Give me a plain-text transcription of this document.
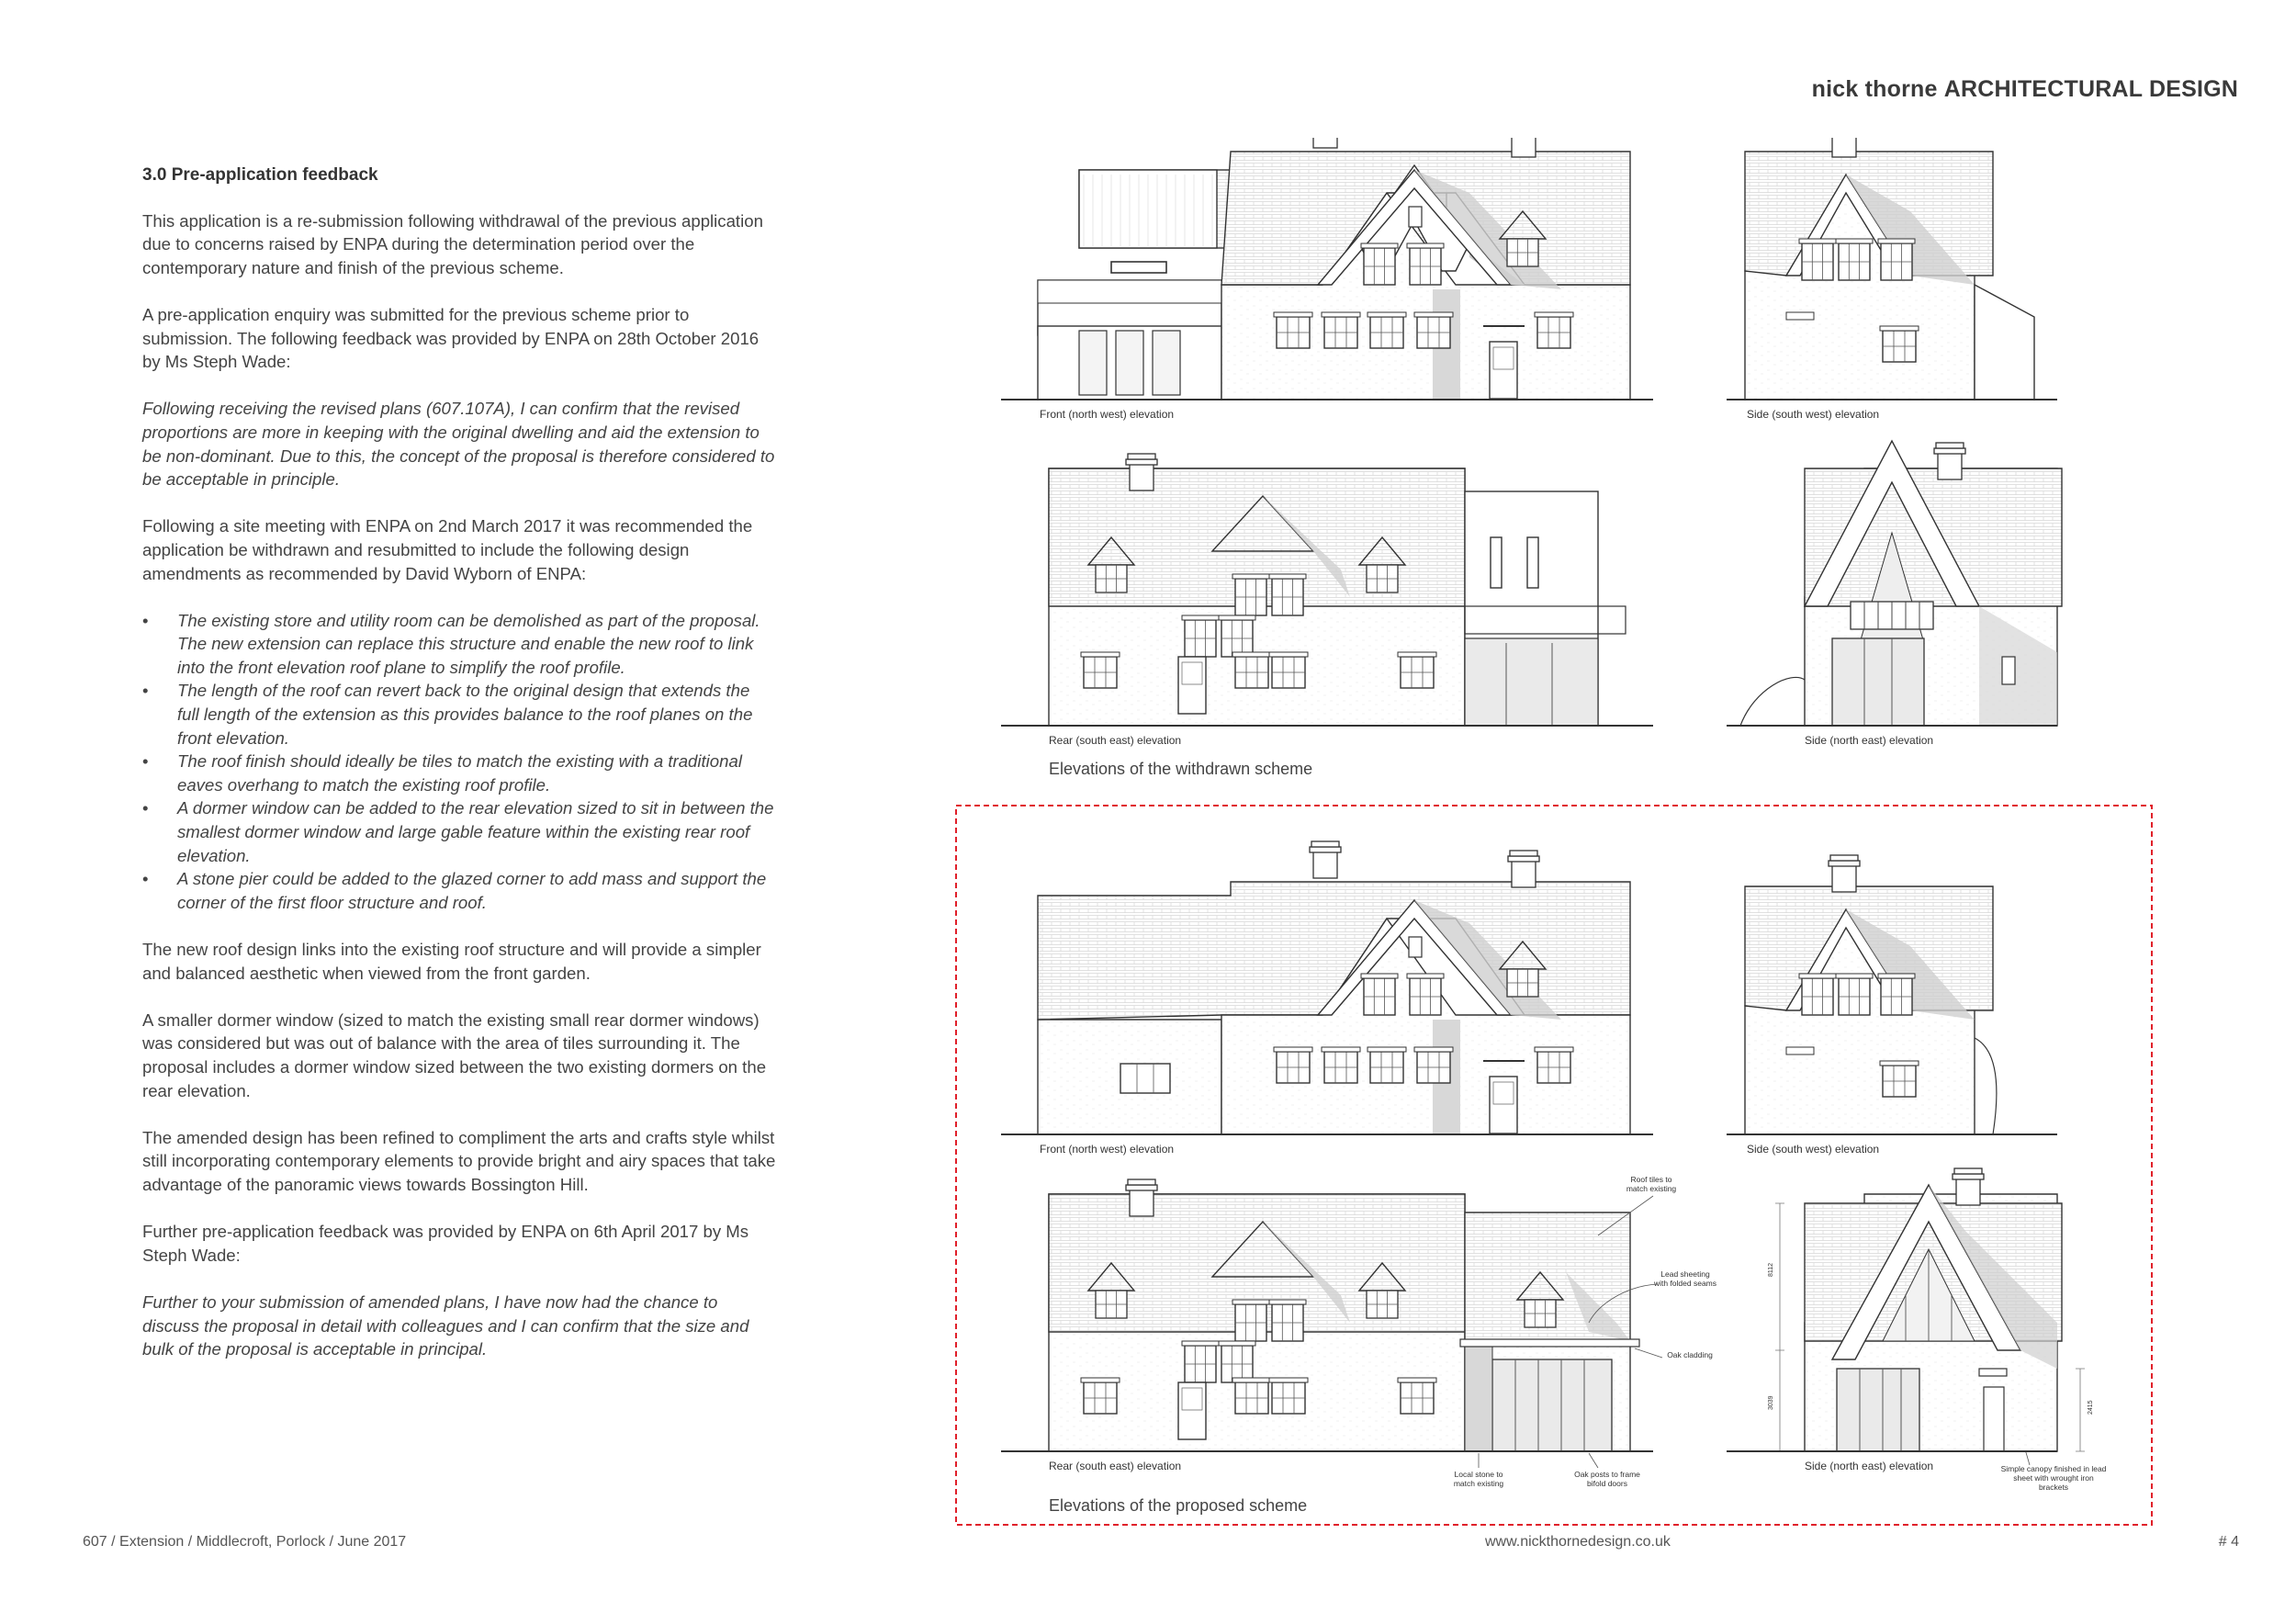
nick thorne ARCHITECTURAL DESIGN
3.0 Pre-application feedback

This application is a re-submission following withdrawal of the previous application due to concerns raised by ENPA during the determination period over the contemporary nature and finish of the previous scheme.

A pre-application enquiry was submitted for the previous scheme prior to submission. The following feedback was provided by ENPA on 28th October 2016 by Ms Steph Wade:

Following receiving the revised plans (607.107A), I can confirm that the revised proportions are more in keeping with the original dwelling and aid the extension to be non-dominant. Due to this, the concept of the proposal is therefore considered to be acceptable in principle.

Following a site meeting with ENPA on 2nd March 2017 it was recommended the application be withdrawn and resubmitted to include the following design amendments as recommended by David Wyborn of ENPA:

• The existing store and utility room can be demolished as part of the proposal. The new extension can replace this structure and enable the new roof to link into the front elevation roof plane to simplify the roof profile.
• The length of the roof can revert back to the original design that extends the full length of the extension as this provides balance to the roof planes on the front elevation.
• The roof finish should ideally be tiles to match the existing with a traditional eaves overhang to match the existing roof profile.
• A dormer window can be added to the rear elevation sized to sit in between the smallest dormer window and large gable feature within the existing rear roof elevation.
• A stone pier could be added to the glazed corner to add mass and support the corner of the first floor structure and roof.

The new roof design links into the existing roof structure and will provide a simpler and balanced aesthetic when viewed from the front garden.

A smaller dormer window (sized to match the existing small rear dormer windows) was considered but was out of balance with the area of tiles surrounding it. The proposal includes a dormer window sized between the two existing dormers on the rear elevation.

The amended design has been refined to compliment the arts and crafts style whilst still incorporating contemporary elements to provide bright and airy spaces that take advantage of the panoramic views towards Bossington Hill.

Further pre-application feedback was provided by ENPA on 6th April 2017 by Ms Steph Wade:

Further to your submission of amended plans, I have now had the chance to discuss the proposal in detail with colleagues and I can confirm that the size and bulk of the proposal is acceptable in principal.

Front (north west) elevation	Side (south west) elevation
Rear (south east) elevation	Side (north east) elevation
Elevations of the withdrawn scheme
Front (north west) elevation	Side (south west) elevation
Rear (south east) elevation
Roof tiles to
match existing
Lead sheeting
with folded seams
Oak cladding
Local stone to
match existing
Oak posts to frame
bifold doors
Simple canopy finished in lead
sheet with wrought iron
brackets
8112
3039	2415
Side (north east) elevation
Elevations of the proposed scheme
607 / Extension / Middlecroft, Porlock / June 2017	www.nickthornedesign.co.uk	# 4
